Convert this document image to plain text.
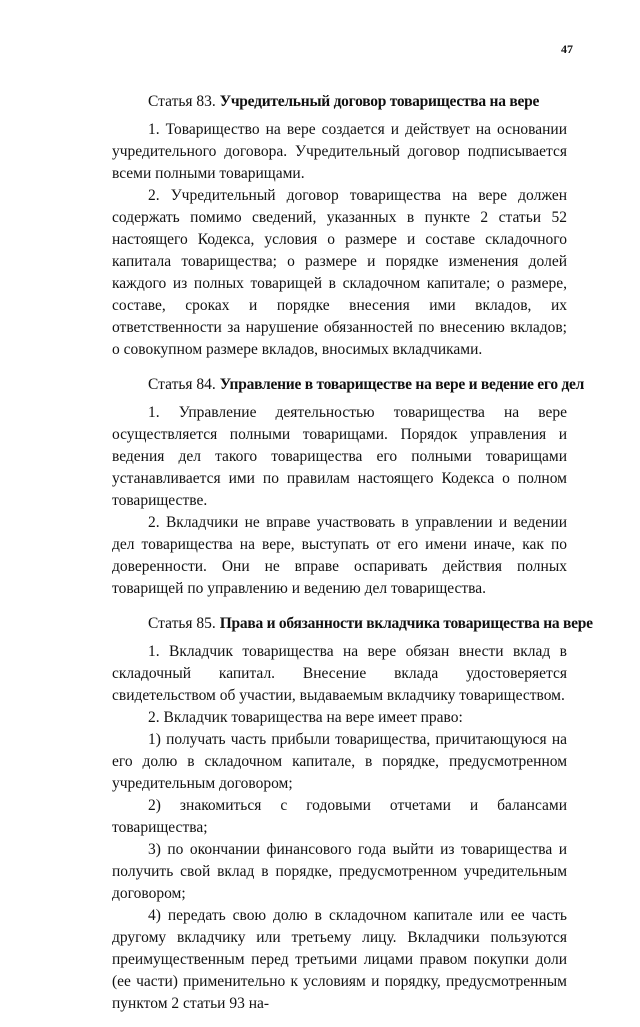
47
Статья 83. Учредительный договор товарищества на вере

1. Товарищество на вере создается и действует на основании учредительного договора. Учредительный договор подписывается всеми полными товарищами.

2. Учредительный договор товарищества на вере должен содержать помимо сведений, указанных в пункте 2 статьи 52 настоящего Кодекса, условия о размере и составе складочного капитала товарищества; о размере и порядке изменения долей каждого из полных товарищей в складочном капитале; о размере, составе, сроках и порядке внесения ими вкладов, их ответственности за нарушение обязанностей по внесению вкладов; о совокупном размере вкладов, вносимых вкладчиками.

Статья 84. Управление в товариществе на вере и ведение его дел

1. Управление деятельностью товарищества на вере осуществляется полными товарищами. Порядок управления и ведения дел такого товарищества его полными товарищами устанавливается ими по правилам настоящего Кодекса о полном товариществе.

2. Вкладчики не вправе участвовать в управлении и ведении дел товарищества на вере, выступать от его имени иначе, как по доверенности. Они не вправе оспаривать действия полных товарищей по управлению и ведению дел товарищества.

Статья 85. Права и обязанности вкладчика товарищества на вере

1. Вкладчик товарищества на вере обязан внести вклад в складочный капитал. Внесение вклада удостоверяется свидетельством об участии, выдаваемым вкладчику товариществом.

2. Вкладчик товарищества на вере имеет право:

1) получать часть прибыли товарищества, причитающуюся на его долю в складочном капитале, в порядке, предусмотренном учредительным договором;

2) знакомиться с годовыми отчетами и балансами товарищества;

3) по окончании финансового года выйти из товарищества и получить свой вклад в порядке, предусмотренном учредительным договором;

4) передать свою долю в складочном капитале или ее часть другому вкладчику или третьему лицу. Вкладчики пользуются преимущественным перед третьими лицами правом покупки доли (ее части) применительно к условиям и порядку, предусмотренным пунктом 2 статьи 93 на-
